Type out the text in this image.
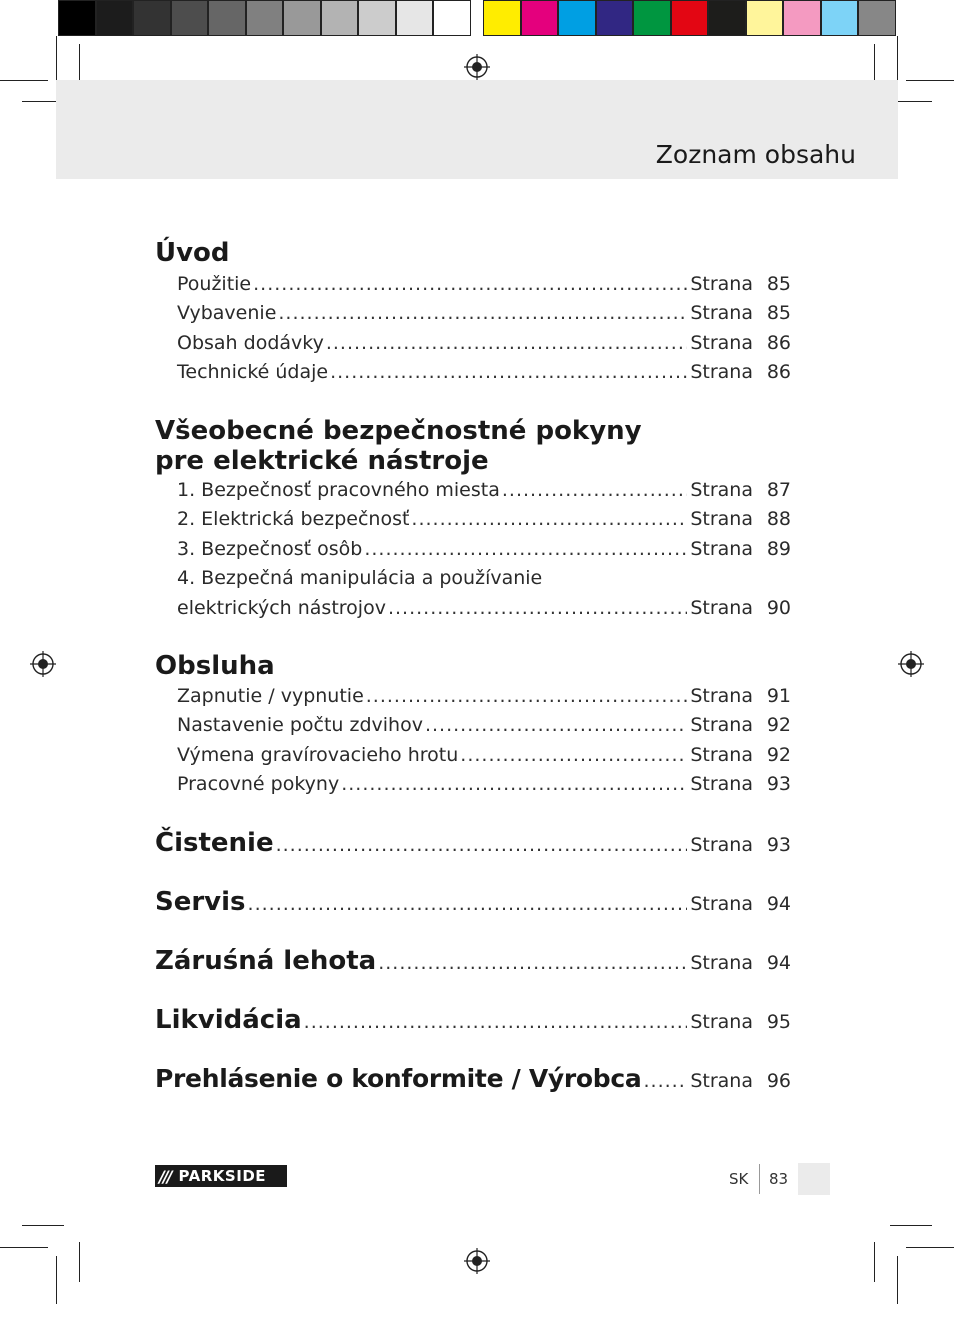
Zoznam obsahu
Úvod
Použitie .....	Strana 85
Vybavenie .....	Strana 85
Obsah dodávky .....	Strana 86
Technické údaje .....	Strana 86
Všeobecné bezpečnostné pokyny
pre elektrické nástroje
1. Bezpečnosť pracovného miesta .....	Strana 87
2. Elektrická bezpečnosť .....	Strana 88
3. Bezpečnosť osôb .....	Strana 89
4. Bezpečná manipulácia a používanie
elektrických nástrojov .....	Strana 90
Obsluha
Zapnutie / vypnutie .....	Strana 91
Nastavenie počtu zdvihov .....	Strana 92
Výmena gravírovacieho hrotu .....	Strana 92
Pracovné pokyny .....	Strana 93
Čistenie .....	Strana 93
Servis .....	Strana 94
Záruśná lehota .....	Strana 94
Likvidácia .....	Strana 95
Prehlásenie o konformite / Výrobca .....	Strana 96
/// PARKSIDE	SK 83
